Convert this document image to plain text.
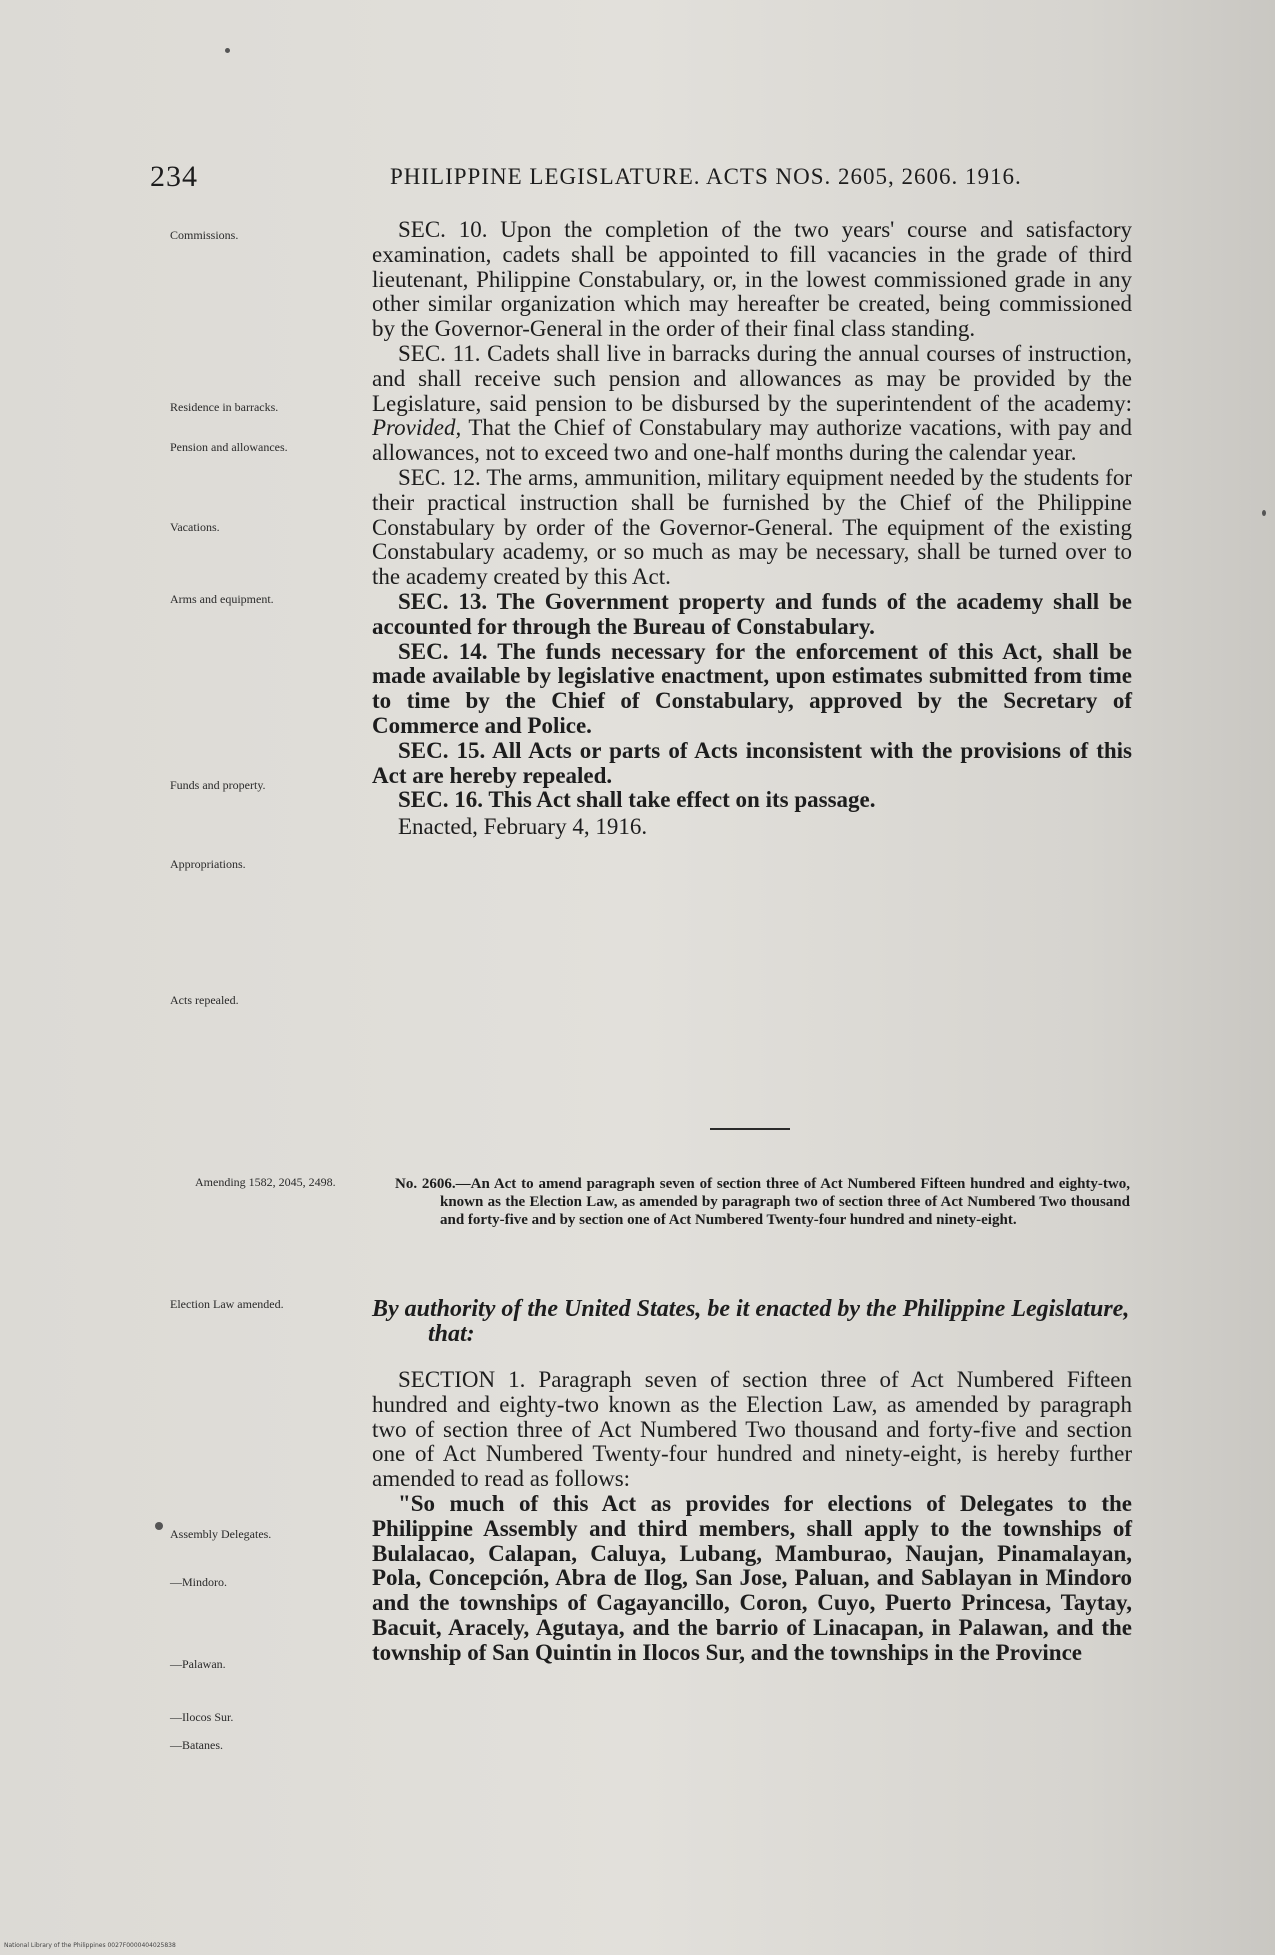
234	PHILIPPINE LEGISLATURE. ACTS NOS. 2605, 2606. 1916.
Commissions.
Residence in barracks.
Pension and allowances.
Vacations.
Arms and equipment.
Funds and property.
Appropriations.
Acts repealed.
Amending 1582, 2045, 2498.
Election Law amended.
Assembly Delegates.
—Mindoro.
—Palawan.
—Ilocos Sur.
—Batanes.

SEC. 10. Upon the completion of the two years' course and satisfactory examination, cadets shall be appointed to fill vacancies in the grade of third lieutenant, Philippine Constabulary, or, in the lowest commissioned grade in any other similar organization which may hereafter be created, being commissioned by the Governor-General in the order of their final class standing.

SEC. 11. Cadets shall live in barracks during the annual courses of instruction, and shall receive such pension and allowances as may be provided by the Legislature, said pension to be disbursed by the superintendent of the academy: Provided, That the Chief of Constabulary may authorize vacations, with pay and allowances, not to exceed two and one-half months during the calendar year.

SEC. 12. The arms, ammunition, military equipment needed by the students for their practical instruction shall be furnished by the Chief of the Philippine Constabulary by order of the Governor-General. The equipment of the existing Constabulary academy, or so much as may be necessary, shall be turned over to the academy created by this Act.

SEC. 13. The Government property and funds of the academy shall be accounted for through the Bureau of Constabulary.

SEC. 14. The funds necessary for the enforcement of this Act, shall be made available by legislative enactment, upon estimates submitted from time to time by the Chief of Constabulary, approved by the Secretary of Commerce and Police.

SEC. 15. All Acts or parts of Acts inconsistent with the provisions of this Act are hereby repealed.

SEC. 16. This Act shall take effect on its passage.

Enacted, February 4, 1916.

No. 2606.—An Act to amend paragraph seven of section three of Act Numbered Fifteen hundred and eighty-two, known as the Election Law, as amended by paragraph two of section three of Act Numbered Two thousand and forty-five and by section one of Act Numbered Twenty-four hundred and ninety-eight.
By authority of the United States, be it enacted by the Philippine Legislature, that:

SECTION 1. Paragraph seven of section three of Act Numbered Fifteen hundred and eighty-two known as the Election Law, as amended by paragraph two of section three of Act Numbered Two thousand and forty-five and section one of Act Numbered Twenty-four hundred and ninety-eight, is hereby further amended to read as follows:

"So much of this Act as provides for elections of Delegates to the Philippine Assembly and third members, shall apply to the townships of Bulalacao, Calapan, Caluya, Lubang, Mamburao, Naujan, Pinamalayan, Pola, Concepción, Abra de Ilog, San Jose, Paluan, and Sablayan in Mindoro and the townships of Cagayancillo, Coron, Cuyo, Puerto Princesa, Taytay, Bacuit, Aracely, Agutaya, and the barrio of Linacapan, in Palawan, and the township of San Quintin in Ilocos Sur, and the townships in the Province

National Library of the Philippines 0027F0000404025838
